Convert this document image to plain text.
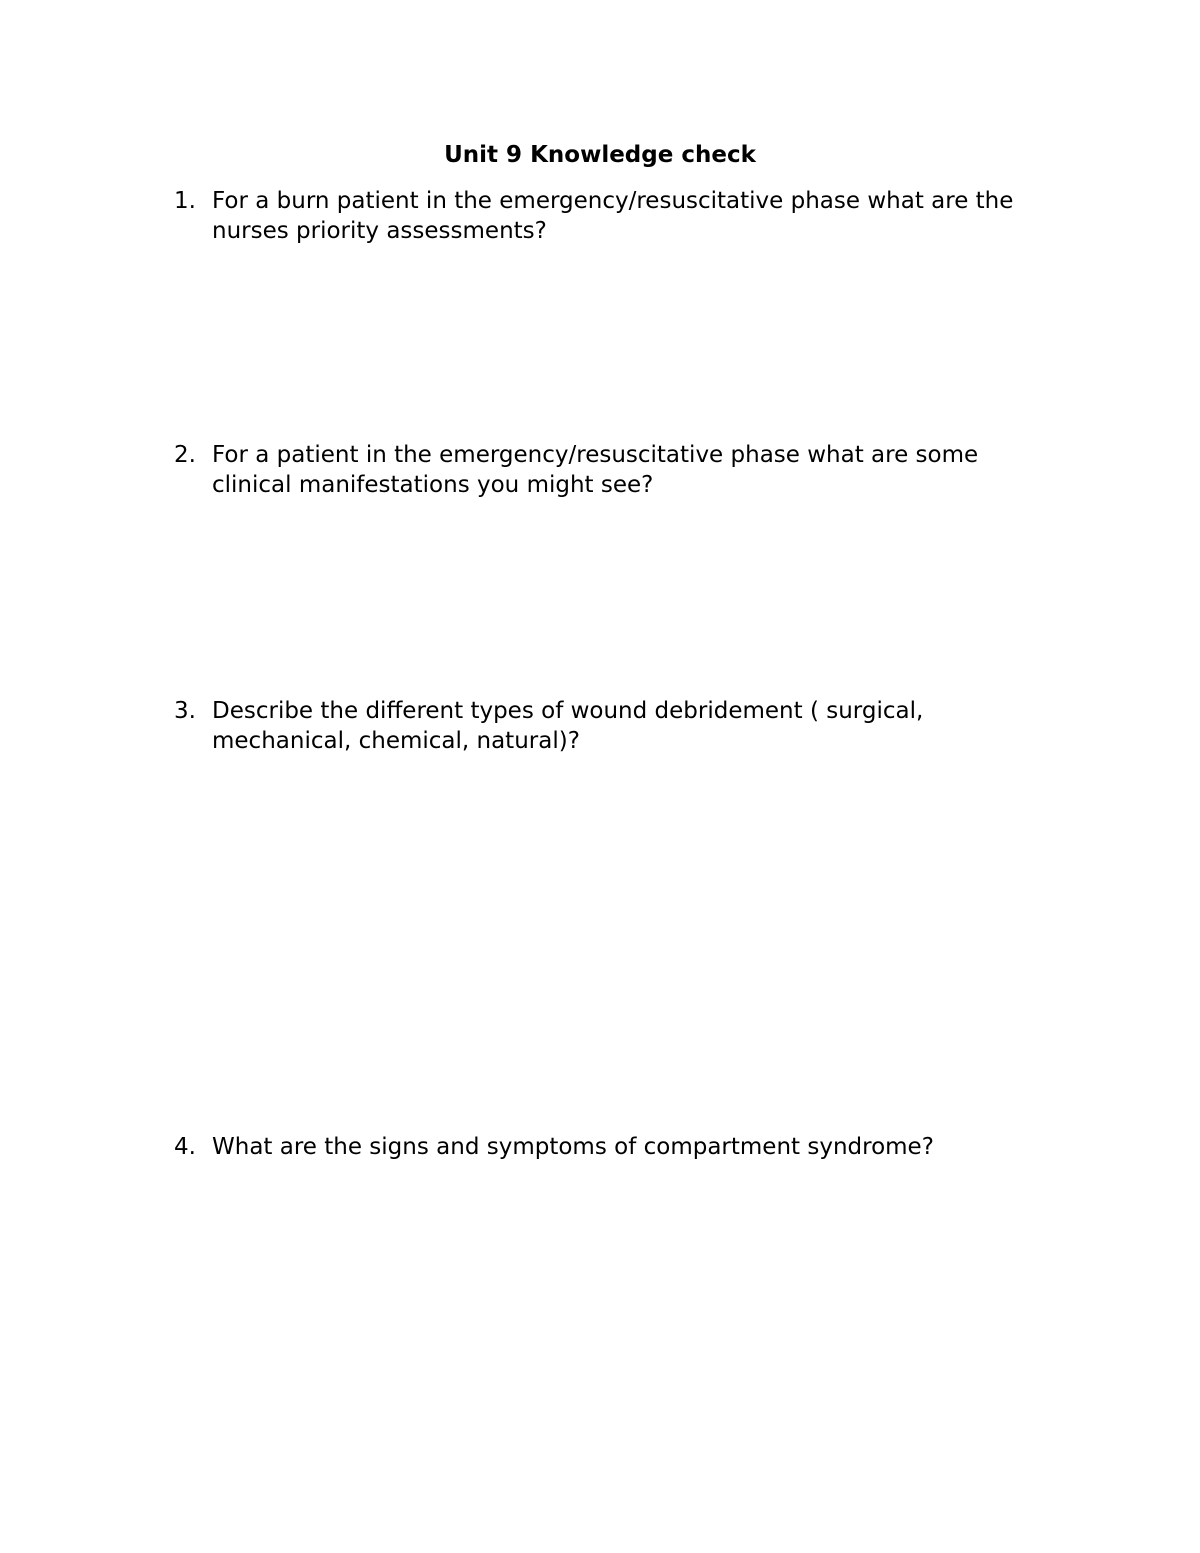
Unit 9 Knowledge check
1. For a burn patient in the emergency/resuscitative phase what are the nurses priority assessments?
2. For a patient in the emergency/resuscitative phase what are some clinical manifestations you might see?
3. Describe the different types of wound debridement ( surgical, mechanical, chemical, natural)?
4. What are the signs and symptoms of compartment syndrome?
